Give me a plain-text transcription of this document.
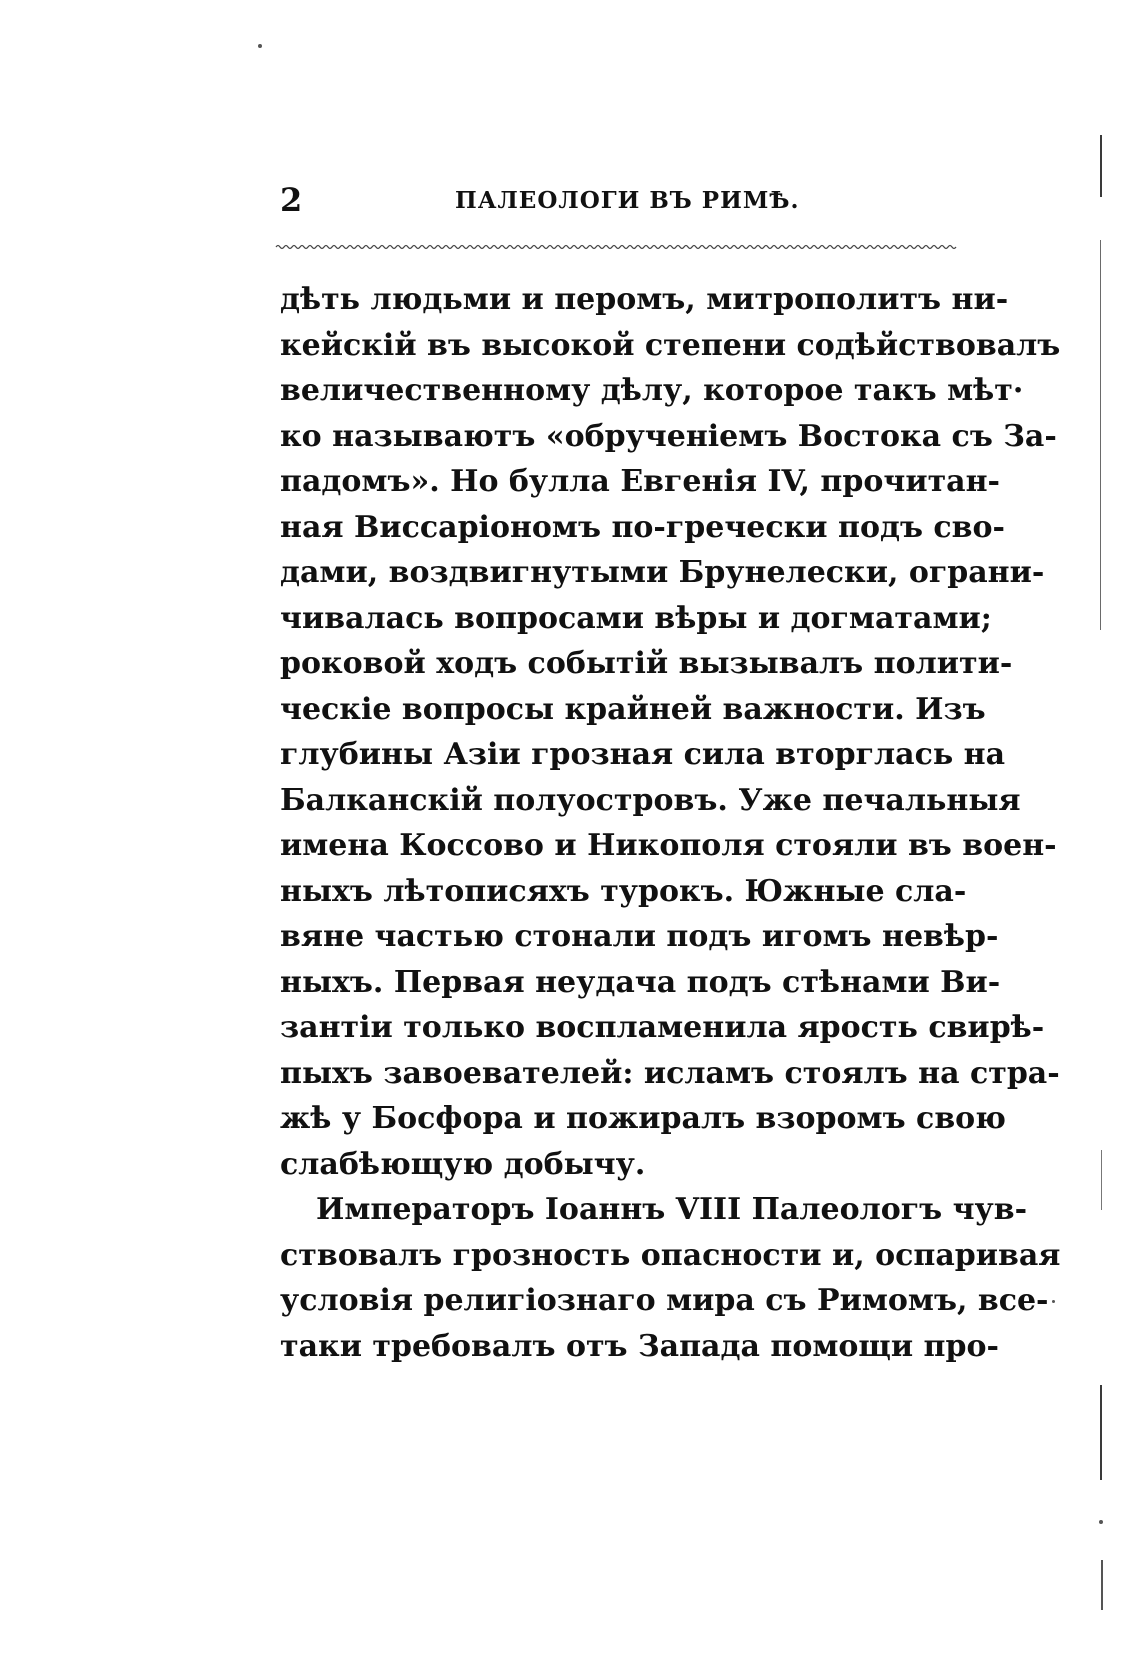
2	ПАЛЕОЛОГИ ВЪ РИМѢ.
дѣть людьми и перомъ, митрополитъ ни-
кейскій въ высокой степени содѣйствовалъ
величественному дѣлу, которое такъ мѣт·
ко называютъ «обрученіемъ Востока съ За-
падомъ». Но булла Евгенія IV, прочитан-
ная Виссаріономъ по-гречески подъ сво-
дами, воздвигнутыми Брунелески, ограни-
чивалась вопросами вѣры и догматами;
роковой ходъ событій вызывалъ полити-
ческіе вопросы крайней важности. Изъ
глубины Азіи грозная сила вторглась на
Балканскій полуостровъ. Уже печальныя
имена Коссово и Никополя стояли въ воен-
ныхъ лѣтописяхъ турокъ. Южные сла-
вяне частью стонали подъ игомъ невѣр-
ныхъ. Первая неудача подъ стѣнами Ви-
зантіи только воспламенила ярость свирѣ-
пыхъ завоевателей: исламъ стоялъ на стра-
жѣ у Босфора и пожиралъ взоромъ свою
слабѣющую добычу.
Императоръ Іоаннъ VIII Палеологъ чув-
ствовалъ грозность опасности и, оспаривая
условія религіознаго мира съ Римомъ, все-
таки требовалъ отъ Запада помощи про-
